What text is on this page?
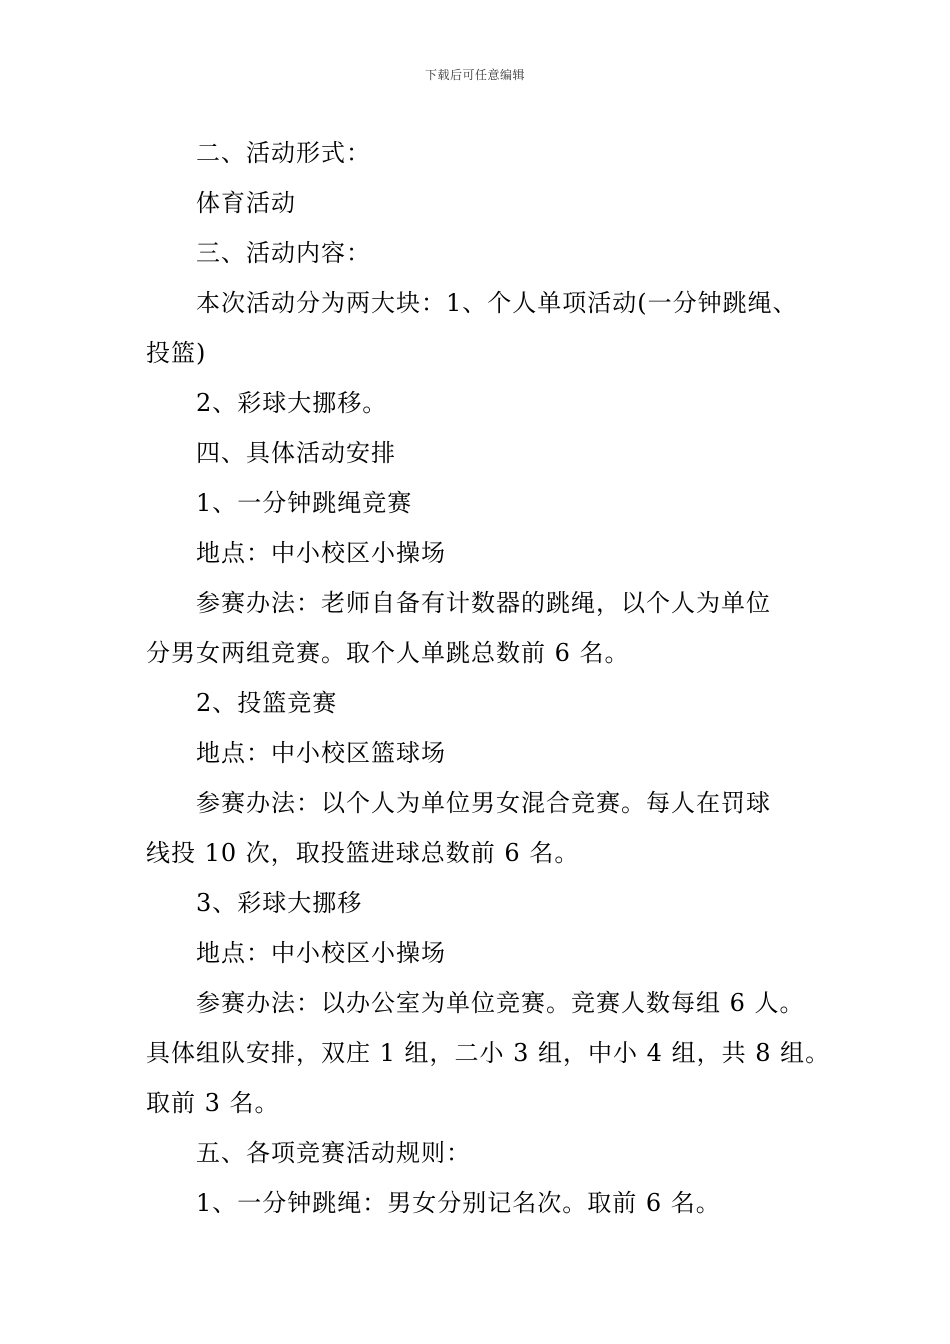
下载后可任意编辑
二、活动形式：
体育活动
三、活动内容：
本次活动分为两大块：1、个人单项活动(一分钟跳绳、
投篮)
2、彩球大挪移。
四、具体活动安排
1、一分钟跳绳竞赛
地点：中小校区小操场
参赛办法：老师自备有计数器的跳绳，以个人为单位
分男女两组竞赛。取个人单跳总数前 6 名。
2、投篮竞赛
地点：中小校区篮球场
参赛办法：以个人为单位男女混合竞赛。每人在罚球
线投 10 次，取投篮进球总数前 6 名。
3、彩球大挪移
地点：中小校区小操场
参赛办法：以办公室为单位竞赛。竞赛人数每组 6 人。
具体组队安排，双庄 1 组，二小 3 组，中小 4 组，共 8 组。
取前 3 名。
五、各项竞赛活动规则：
1、一分钟跳绳：男女分别记名次。取前 6 名。
